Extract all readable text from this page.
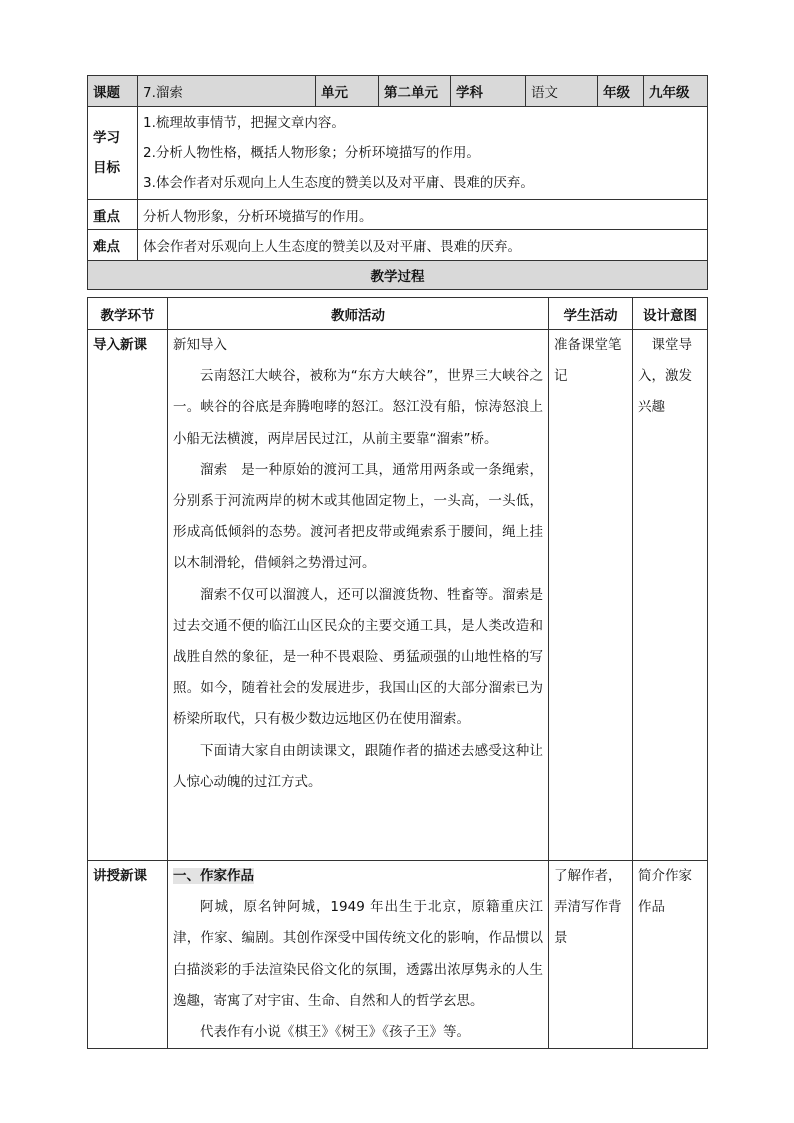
课题	7.溜索	单元	第二单元	学科	语文	年级	九年级
学习目标	1.梳理故事情节，把握文章内容。
2.分析人物性格，概括人物形象；分析环境描写的作用。
3.体会作者对乐观向上人生态度的赞美以及对平庸、畏难的厌弃。						

重点	分析人物形象，分析环境描写的作用。						
难点	体会作者对乐观向上人生态度的赞美以及对平庸、畏难的厌弃。						
教学过程							
教学环节	教师活动	学生活动	设计意图
导入新课	新知导入

云南怒江大峡谷，被称为“东方大峡谷”，世界三大峡谷之一。峡谷的谷底是奔腾咆哮的怒江。怒江没有船，惊涛怒浪上小船无法横渡，两岸居民过江，从前主要靠“溜索”桥。

溜索　是一种原始的渡河工具，通常用两条或一条绳索，分别系于河流两岸的树木或其他固定物上，一头高，一头低，形成高低倾斜的态势。渡河者把皮带或绳索系于腰间，绳上挂以木制滑轮，借倾斜之势滑过河。

溜索不仅可以溜渡人，还可以溜渡货物、牲畜等。溜索是过去交通不便的临江山区民众的主要交通工具，是人类改造和战胜自然的象征，是一种不畏艰险、勇猛顽强的山地性格的写照。如今，随着社会的发展进步，我国山区的大部分溜索已为桥梁所取代，只有极少数边远地区仍在使用溜索。

下面请大家自由朗读课文，跟随作者的描述去感受这种让人惊心动魄的过江方式。	准备课堂笔记	课堂导入，激发兴趣
讲授新课	一、作家作品

阿城，原名钟阿城，1949 年出生于北京，原籍重庆江津，作家、编剧。其创作深受中国传统文化的影响，作品惯以白描淡彩的手法渲染民俗文化的氛围，透露出浓厚隽永的人生逸趣，寄寓了对宇宙、生命、自然和人的哲学玄思。

代表作有小说《棋王》《树王》《孩子王》等。	了解作者，弄清写作背景	简介作家作品
